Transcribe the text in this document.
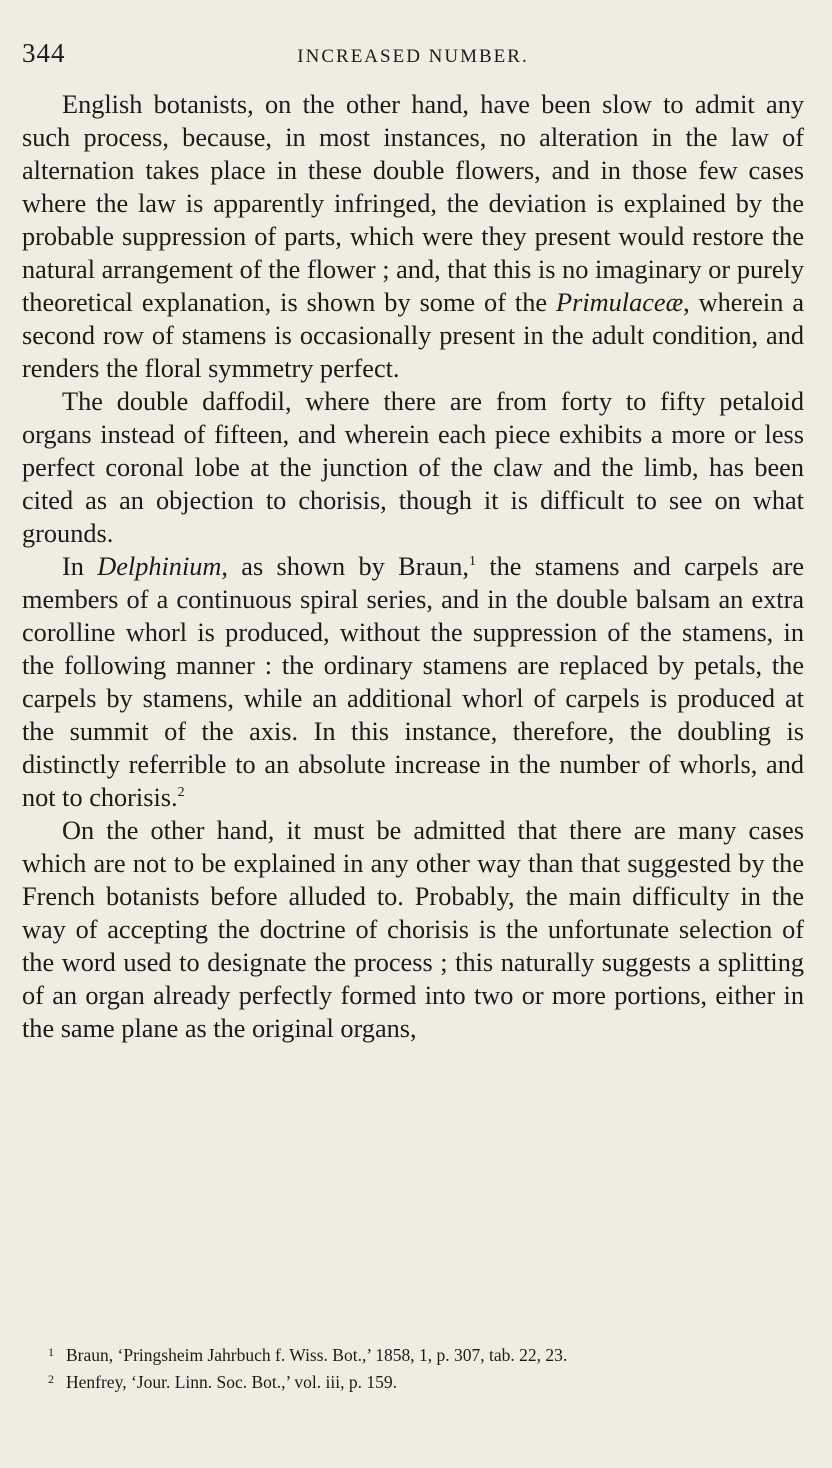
344	INCREASED NUMBER.

English botanists, on the other hand, have been slow to admit any such process, because, in most instances, no alteration in the law of alternation takes place in these double flowers, and in those few cases where the law is apparently infringed, the deviation is explained by the probable suppression of parts, which were they present would restore the natural arrangement of the flower ; and, that this is no imaginary or purely theoretical explanation, is shown by some of the Primulaceæ, wherein a second row of stamens is occasionally present in the adult condition, and renders the floral symmetry perfect.

The double daffodil, where there are from forty to fifty petaloid organs instead of fifteen, and wherein each piece exhibits a more or less perfect coronal lobe at the junction of the claw and the limb, has been cited as an objection to chorisis, though it is difficult to see on what grounds.

In Delphinium, as shown by Braun,$^1$ the stamens and carpels are members of a continuous spiral series, and in the double balsam an extra corolline whorl is produced, without the suppression of the stamens, in the following manner : the ordinary stamens are replaced by petals, the carpels by stamens, while an additional whorl of carpels is produced at the summit of the axis. In this instance, therefore, the doubling is distinctly referrible to an absolute increase in the number of whorls, and not to chorisis.$^2$

On the other hand, it must be admitted that there are many cases which are not to be explained in any other way than that suggested by the French botanists before alluded to. Probably, the main difficulty in the way of accepting the doctrine of chorisis is the unfortunate selection of the word used to designate the process ; this naturally suggests a splitting of an organ already perfectly formed into two or more portions, either in the same plane as the original organs,

$^1$ Braun, ‘Pringsheim Jahrbuch f. Wiss. Bot.,’ 1858, 1, p. 307, tab. 22, 23.

$^2$ Henfrey, ‘Jour. Linn. Soc. Bot.,’ vol. iii, p. 159.
